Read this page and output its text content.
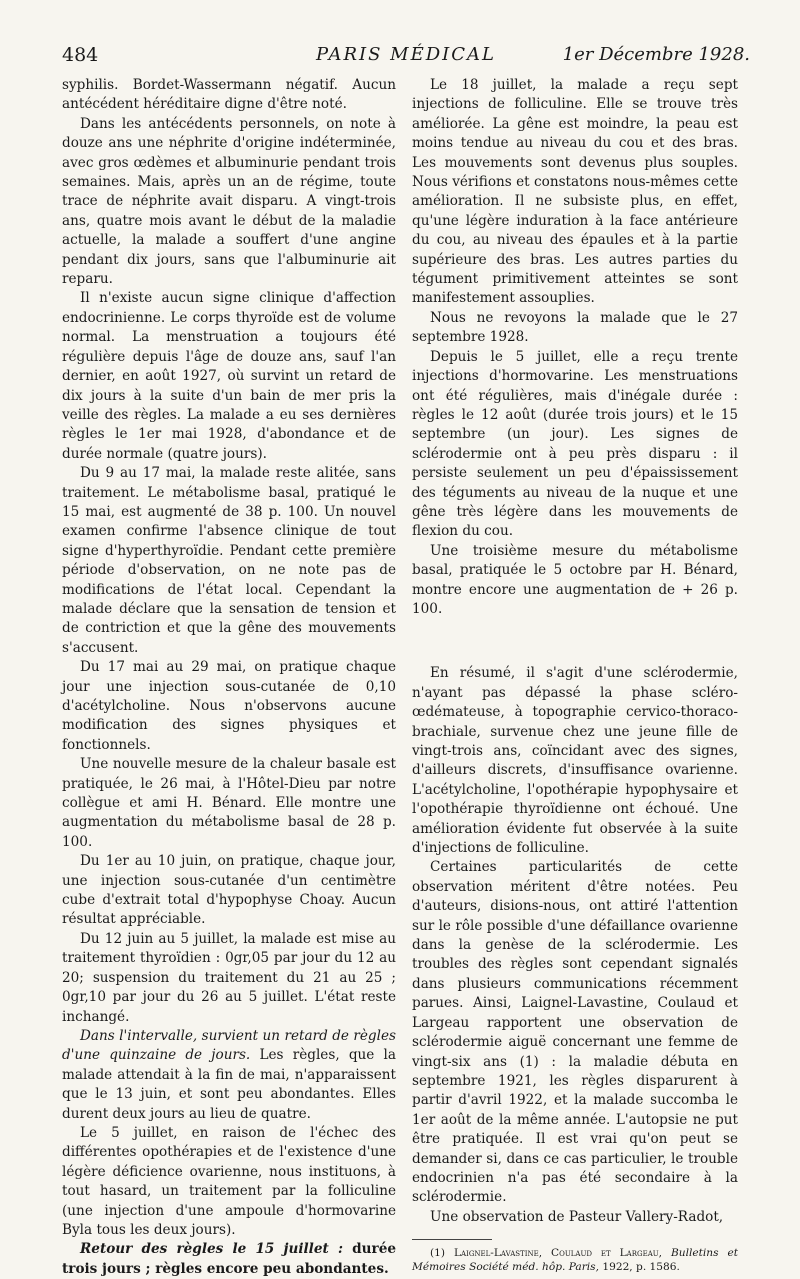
484	PARIS MÉDICAL	1er Décembre 1928.

syphilis. Bordet-Wassermann négatif. Aucun antécédent héréditaire digne d'être noté.

Dans les antécédents personnels, on note à douze ans une néphrite d'origine indéterminée, avec gros œdèmes et albuminurie pendant trois semaines. Mais, après un an de régime, toute trace de néphrite avait disparu. A vingt-trois ans, quatre mois avant le début de la maladie actuelle, la malade a souffert d'une angine pendant dix jours, sans que l'albuminurie ait reparu.

Il n'existe aucun signe clinique d'affection endocrinienne. Le corps thyroïde est de volume normal. La menstruation a toujours été régulière depuis l'âge de douze ans, sauf l'an dernier, en août 1927, où survint un retard de dix jours à la suite d'un bain de mer pris la veille des règles. La malade a eu ses dernières règles le 1er mai 1928, d'abondance et de durée normale (quatre jours).

Du 9 au 17 mai, la malade reste alitée, sans traitement. Le métabolisme basal, pratiqué le 15 mai, est augmenté de 38 p. 100. Un nouvel examen confirme l'absence clinique de tout signe d'hyperthyroïdie. Pendant cette première période d'observation, on ne note pas de modifications de l'état local. Cependant la malade déclare que la sensation de tension et de contriction et que la gêne des mouvements s'accusent.

Du 17 mai au 29 mai, on pratique chaque jour une injection sous-cutanée de 0,10 d'acétylcholine. Nous n'observons aucune modification des signes physiques et fonctionnels.

Une nouvelle mesure de la chaleur basale est pratiquée, le 26 mai, à l'Hôtel-Dieu par notre collègue et ami H. Bénard. Elle montre une augmentation du métabolisme basal de 28 p. 100.

Du 1er au 10 juin, on pratique, chaque jour, une injection sous-cutanée d'un centimètre cube d'extrait total d'hypophyse Choay. Aucun résultat appréciable.

Du 12 juin au 5 juillet, la malade est mise au traitement thyroïdien : 0gr,05 par jour du 12 au 20; suspension du traitement du 21 au 25 ; 0gr,10 par jour du 26 au 5 juillet. L'état reste inchangé.

Dans l'intervalle, survient un retard de règles d'une quinzaine de jours. Les règles, que la malade attendait à la fin de mai, n'apparaissent que le 13 juin, et sont peu abondantes. Elles durent deux jours au lieu de quatre.

Le 5 juillet, en raison de l'échec des différentes opothérapies et de l'existence d'une légère déficience ovarienne, nous instituons, à tout hasard, un traitement par la folliculine (une injection d'une ampoule d'hormovarine Byla tous les deux jours).

Retour des règles le 15 juillet : durée trois jours ; règles encore peu abondantes.

Le 18 juillet, la malade a reçu sept injections de folliculine. Elle se trouve très améliorée. La gêne est moindre, la peau est moins tendue au niveau du cou et des bras. Les mouvements sont devenus plus souples. Nous vérifions et constatons nous-mêmes cette amélioration. Il ne subsiste plus, en effet, qu'une légère induration à la face antérieure du cou, au niveau des épaules et à la partie supérieure des bras. Les autres parties du tégument primitivement atteintes se sont manifestement assouplies.

Nous ne revoyons la malade que le 27 septembre 1928.

Depuis le 5 juillet, elle a reçu trente injections d'hormovarine. Les menstruations ont été régulières, mais d'inégale durée : règles le 12 août (durée trois jours) et le 15 septembre (un jour). Les signes de sclérodermie ont à peu près disparu : il persiste seulement un peu d'épaississement des téguments au niveau de la nuque et une gêne très légère dans les mouvements de flexion du cou.

Une troisième mesure du métabolisme basal, pratiquée le 5 octobre par H. Bénard, montre encore une augmentation de + 26 p. 100.

En résumé, il s'agit d'une sclérodermie, n'ayant pas dépassé la phase scléro-œdémateuse, à topographie cervico-thoraco-brachiale, survenue chez une jeune fille de vingt-trois ans, coïncidant avec des signes, d'ailleurs discrets, d'insuffisance ovarienne. L'acétylcholine, l'opothérapie hypophysaire et l'opothérapie thyroïdienne ont échoué. Une amélioration évidente fut observée à la suite d'injections de folliculine.

Certaines particularités de cette observation méritent d'être notées. Peu d'auteurs, disions-nous, ont attiré l'attention sur le rôle possible d'une défaillance ovarienne dans la genèse de la sclérodermie. Les troubles des règles sont cependant signalés dans plusieurs communications récemment parues. Ainsi, Laignel-Lavastine, Coulaud et Largeau rapportent une observation de sclérodermie aiguë concernant une femme de vingt-six ans (1) : la maladie débuta en septembre 1921, les règles disparurent à partir d'avril 1922, et la malade succomba le 1er août de la même année. L'autopsie ne put être pratiquée. Il est vrai qu'on peut se demander si, dans ce cas particulier, le trouble endocrinien n'a pas été secondaire à la sclérodermie.

Une observation de Pasteur Vallery-Radot,

(1) Laignel-Lavastine, Coulaud et Largeau, Bulletins et Mémoires Société méd. hôp. Paris, 1922, p. 1586.
